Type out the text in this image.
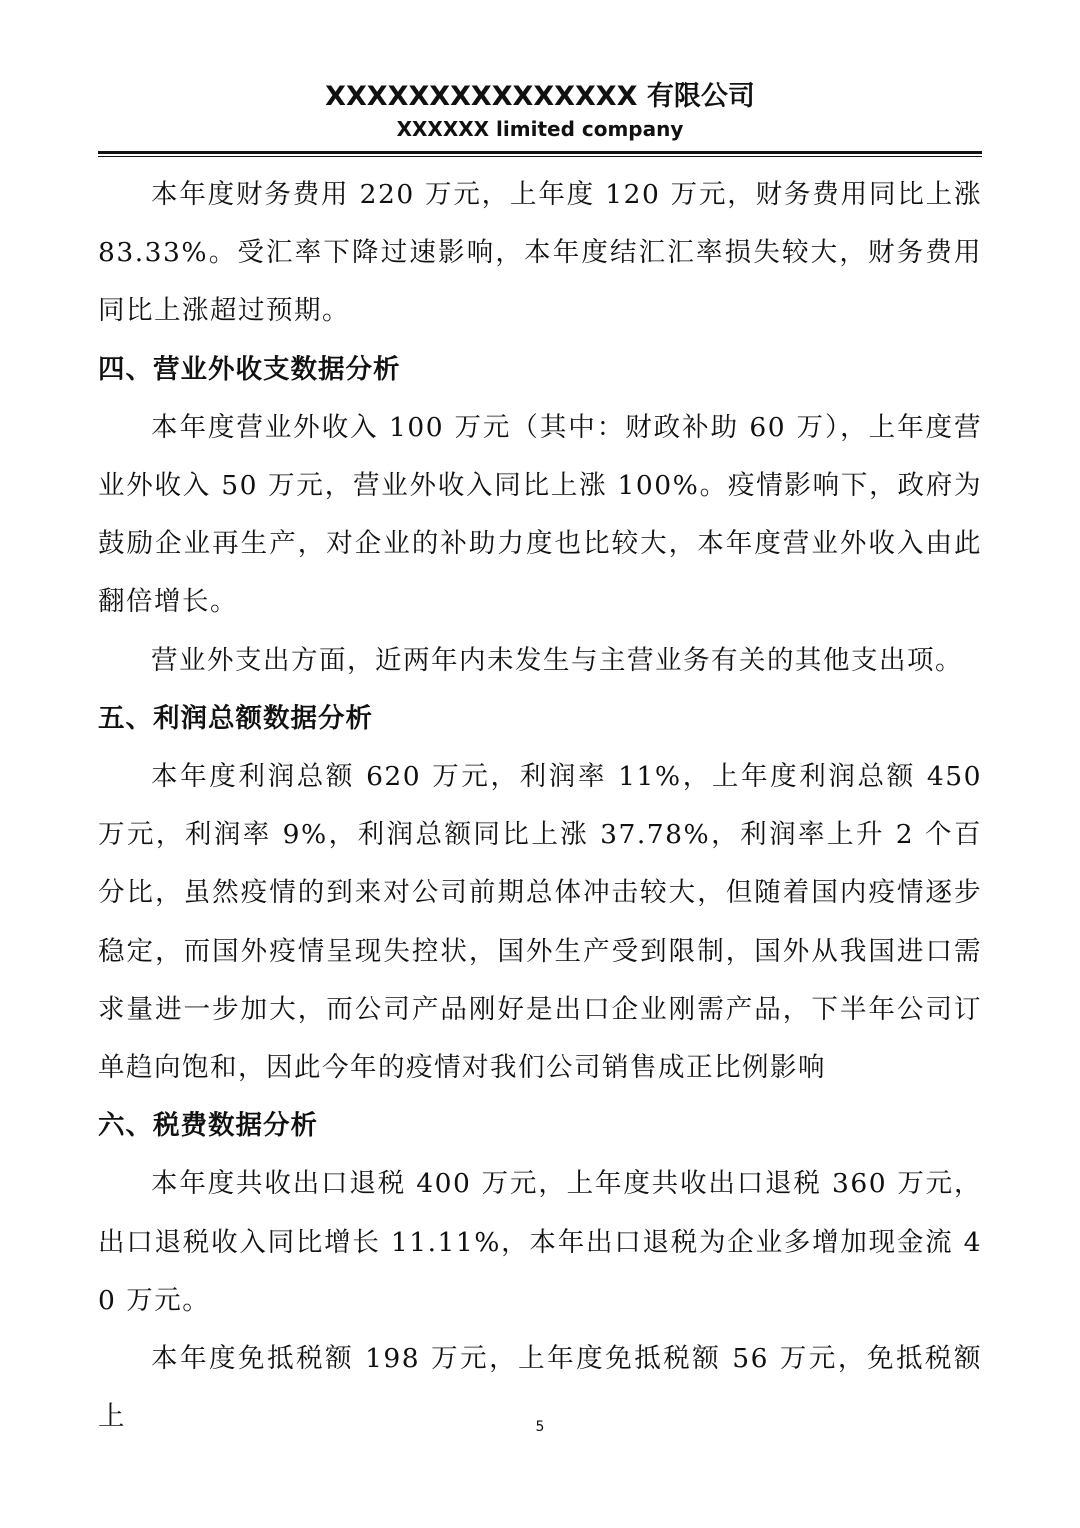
XXXXXXXXXXXXXXX 有限公司
XXXXXX limited company

本年度财务费用 220 万元，上年度 120 万元，财务费用同比上涨 83.33%。受汇率下降过速影响，本年度结汇汇率损失较大，财务费用同比上涨超过预期。

四、营业外收支数据分析

本年度营业外收入 100 万元（其中：财政补助 60 万），上年度营业外收入 50 万元，营业外收入同比上涨 100%。疫情影响下，政府为鼓励企业再生产，对企业的补助力度也比较大，本年度营业外收入由此翻倍增长。

营业外支出方面，近两年内未发生与主营业务有关的其他支出项。

五、利润总额数据分析

本年度利润总额 620 万元，利润率 11%，上年度利润总额 450 万元，利润率 9%，利润总额同比上涨 37.78%，利润率上升 2 个百分比，虽然疫情的到来对公司前期总体冲击较大，但随着国内疫情逐步稳定，而国外疫情呈现失控状，国外生产受到限制，国外从我国进口需求量进一步加大，而公司产品刚好是出口企业刚需产品，下半年公司订单趋向饱和，因此今年的疫情对我们公司销售成正比例影响

六、税费数据分析

本年度共收出口退税 400 万元，上年度共收出口退税 360 万元，出口退税收入同比增长 11.11%，本年出口退税为企业多增加现金流 40 万元。

本年度免抵税额 198 万元，上年度免抵税额 56 万元，免抵税额上	5
